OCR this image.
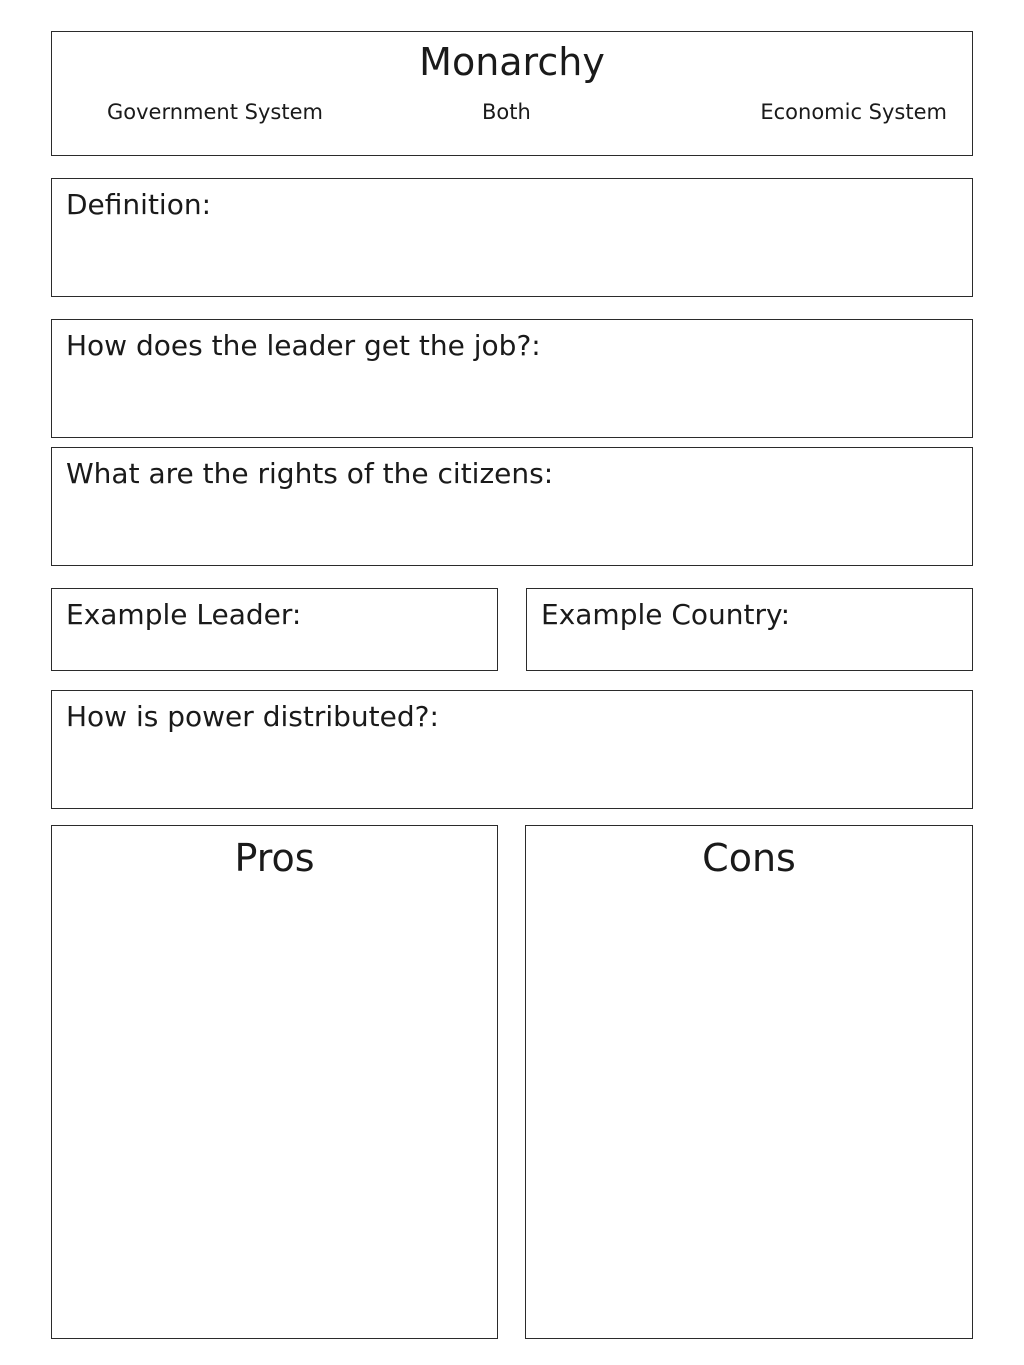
Monarchy
Government System	Both	Economic System
Definition:
How does the leader get the job?:
What are the rights of the citizens:
Example Leader:	Example Country:
How is power distributed?:
Pros	Cons
